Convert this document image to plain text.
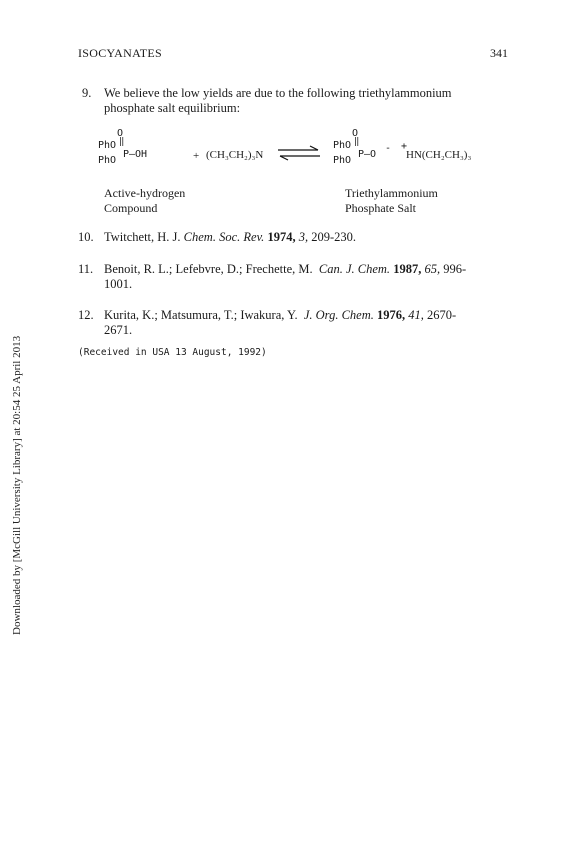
ISOCYANATES	341
Downloaded by [McGill University Library] at 20:54 25 April 2013
9. We believe the low yields are due to the following triethylammonium
phosphate salt equilibrium:
O
‖
PhO
PhO
P–OH	+ (CH₃CH₂)₃N
O
‖
PhO
PhO
P–O
- +
HN(CH₂CH₃)₃
Active-hydrogen
Compound
Triethylammonium
Phosphate Salt
10. Twitchett, H. J. Chem. Soc. Rev. 1974, 3, 209-230.
11. Benoit, R. L.; Lefebvre, D.; Frechette, M. Can. J. Chem. 1987, 65, 996-
1001.
12. Kurita, K.; Matsumura, T.; Iwakura, Y. J. Org. Chem. 1976, 41, 2670-
2671.
(Received in USA 13 August, 1992)
